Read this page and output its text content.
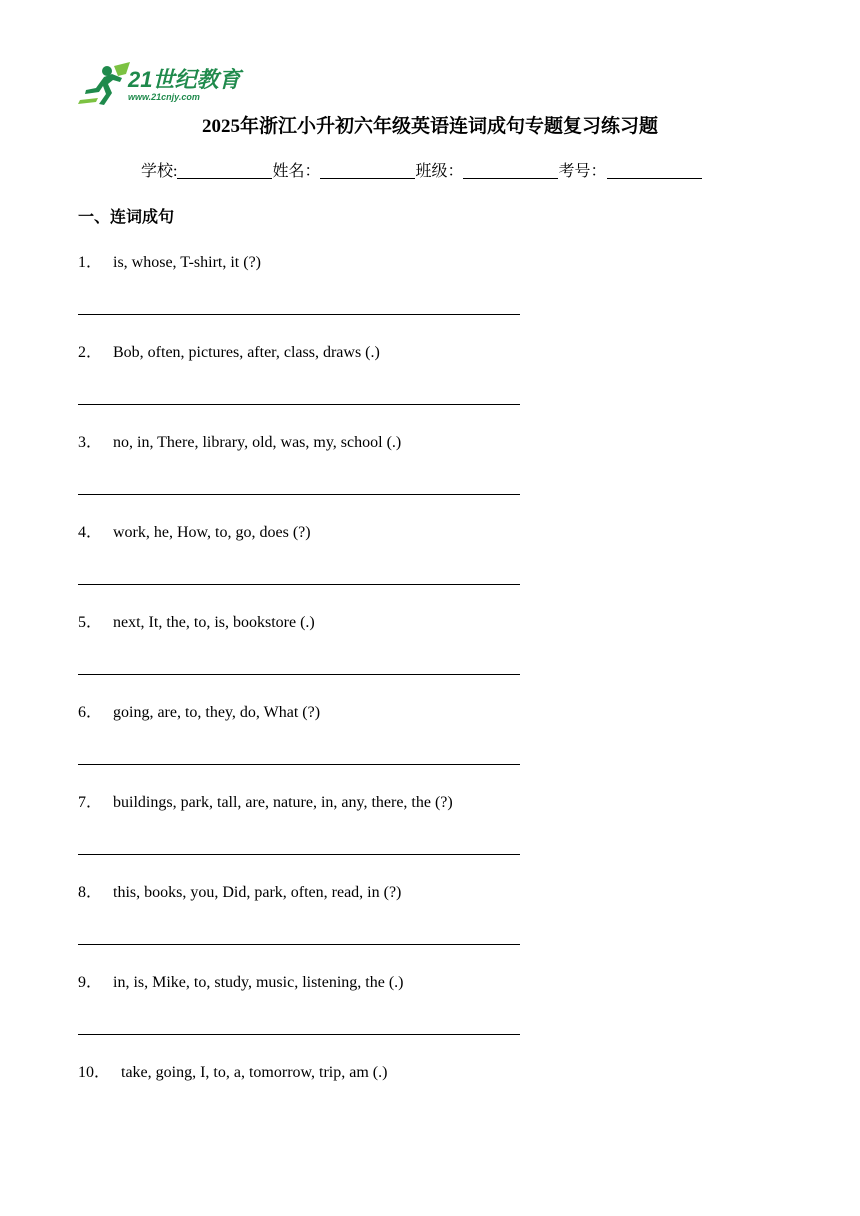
21世纪教育
www.21cnjy.com
2025年浙江小升初六年级英语连词成句专题复习练习题
学校:	姓名：	班级：	考号：
一、连词成句
1． is, whose, T-shirt, it (?)
2． Bob, often, pictures, after, class, draws (.)
3． no, in, There, library, old, was, my, school (.)
4． work, he, How, to, go, does (?)
5． next, It, the, to, is, bookstore (.)
6． going, are, to, they, do, What (?)
7． buildings, park, tall, are, nature, in, any, there, the (?)
8． this, books, you, Did, park, often, read, in (?)
9． in, is, Mike, to, study, music, listening, the (.)
10． take, going, I, to, a, tomorrow, trip, am (.)
